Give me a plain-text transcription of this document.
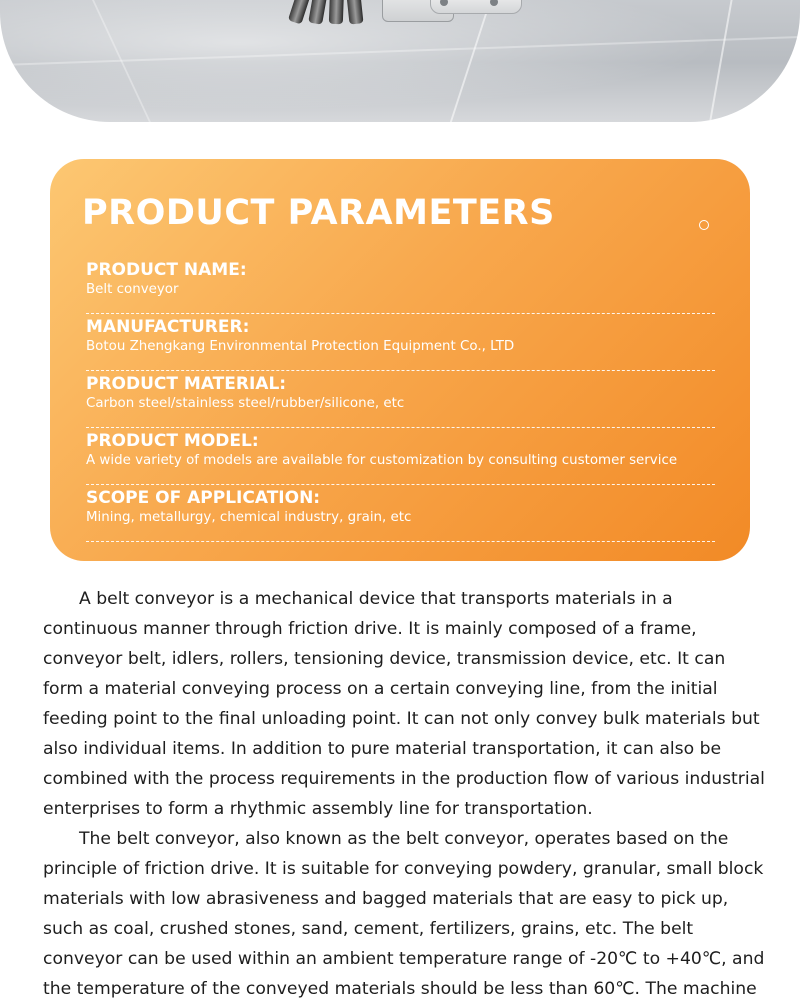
PRODUCT PARAMETERS
PRODUCT NAME:
Belt conveyor
MANUFACTURER:
Botou Zhengkang Environmental Protection Equipment Co., LTD
PRODUCT MATERIAL:
Carbon steel/stainless steel/rubber/silicone, etc
PRODUCT MODEL:
A wide variety of models are available for customization by consulting customer service
SCOPE OF APPLICATION:
Mining, metallurgy, chemical industry, grain, etc

A belt conveyor is a mechanical device that transports materials in a continuous manner through friction drive. It is mainly composed of a frame, conveyor belt, idlers, rollers, tensioning device, transmission device, etc. It can form a material conveying process on a certain conveying line, from the initial feeding point to the final unloading point. It can not only convey bulk materials but also individual items. In addition to pure material transportation, it can also be combined with the process requirements in the production flow of various industrial enterprises to form a rhythmic assembly line for transportation.

The belt conveyor, also known as the belt conveyor, operates based on the principle of friction drive. It is suitable for conveying powdery, granular, small block materials with low abrasiveness and bagged materials that are easy to pick up, such as coal, crushed stones, sand, cement, fertilizers, grains, etc. The belt conveyor can be used within an ambient temperature range of -20℃ to +40℃, and the temperature of the conveyed materials should be less than 60℃. The machine
